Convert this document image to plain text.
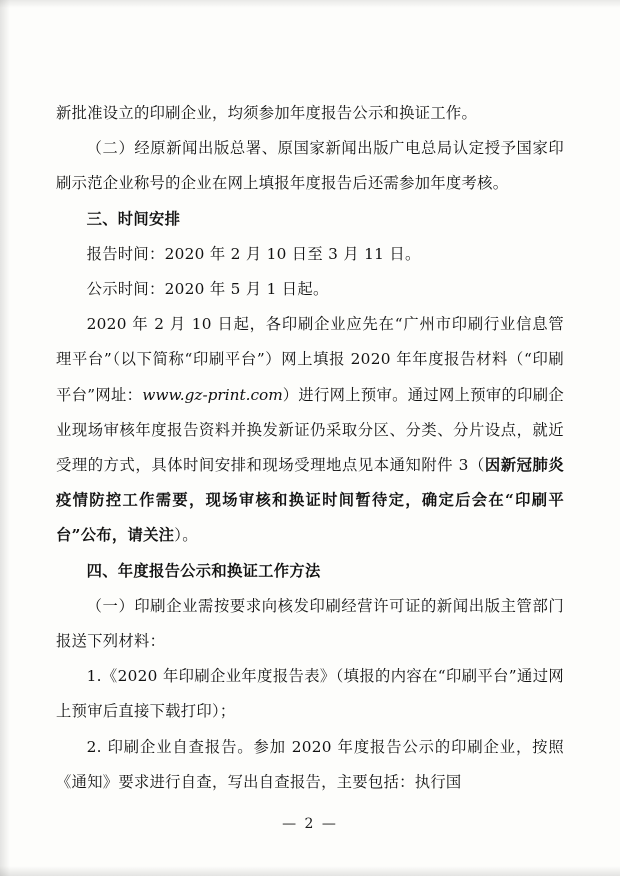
新批准设立的印刷企业，均须参加年度报告公示和换证工作。

（二）经原新闻出版总署、原国家新闻出版广电总局认定授予国家印刷示范企业称号的企业在网上填报年度报告后还需参加年度考核。

三、时间安排

报告时间：2020 年 2 月 10 日至 3 月 11 日。

公示时间：2020 年 5 月 1 日起。

2020 年 2 月 10 日起，各印刷企业应先在“广州市印刷行业信息管理平台”（以下简称“印刷平台”）网上填报 2020 年年度报告材料（“印刷平台”网址：www.gz-print.com）进行网上预审。通过网上预审的印刷企业现场审核年度报告资料并换发新证仍采取分区、分类、分片设点，就近受理的方式，具体时间安排和现场受理地点见本通知附件 3（因新冠肺炎疫情防控工作需要，现场审核和换证时间暂待定，确定后会在“印刷平台”公布，请关注）。

四、年度报告公示和换证工作方法

（一）印刷企业需按要求向核发印刷经营许可证的新闻出版主管部门报送下列材料：

1.《2020 年印刷企业年度报告表》（填报的内容在“印刷平台”通过网上预审后直接下载打印）；

2. 印刷企业自查报告。参加 2020 年度报告公示的印刷企业，按照《通知》要求进行自查，写出自查报告，主要包括：执行国

— 2 —
